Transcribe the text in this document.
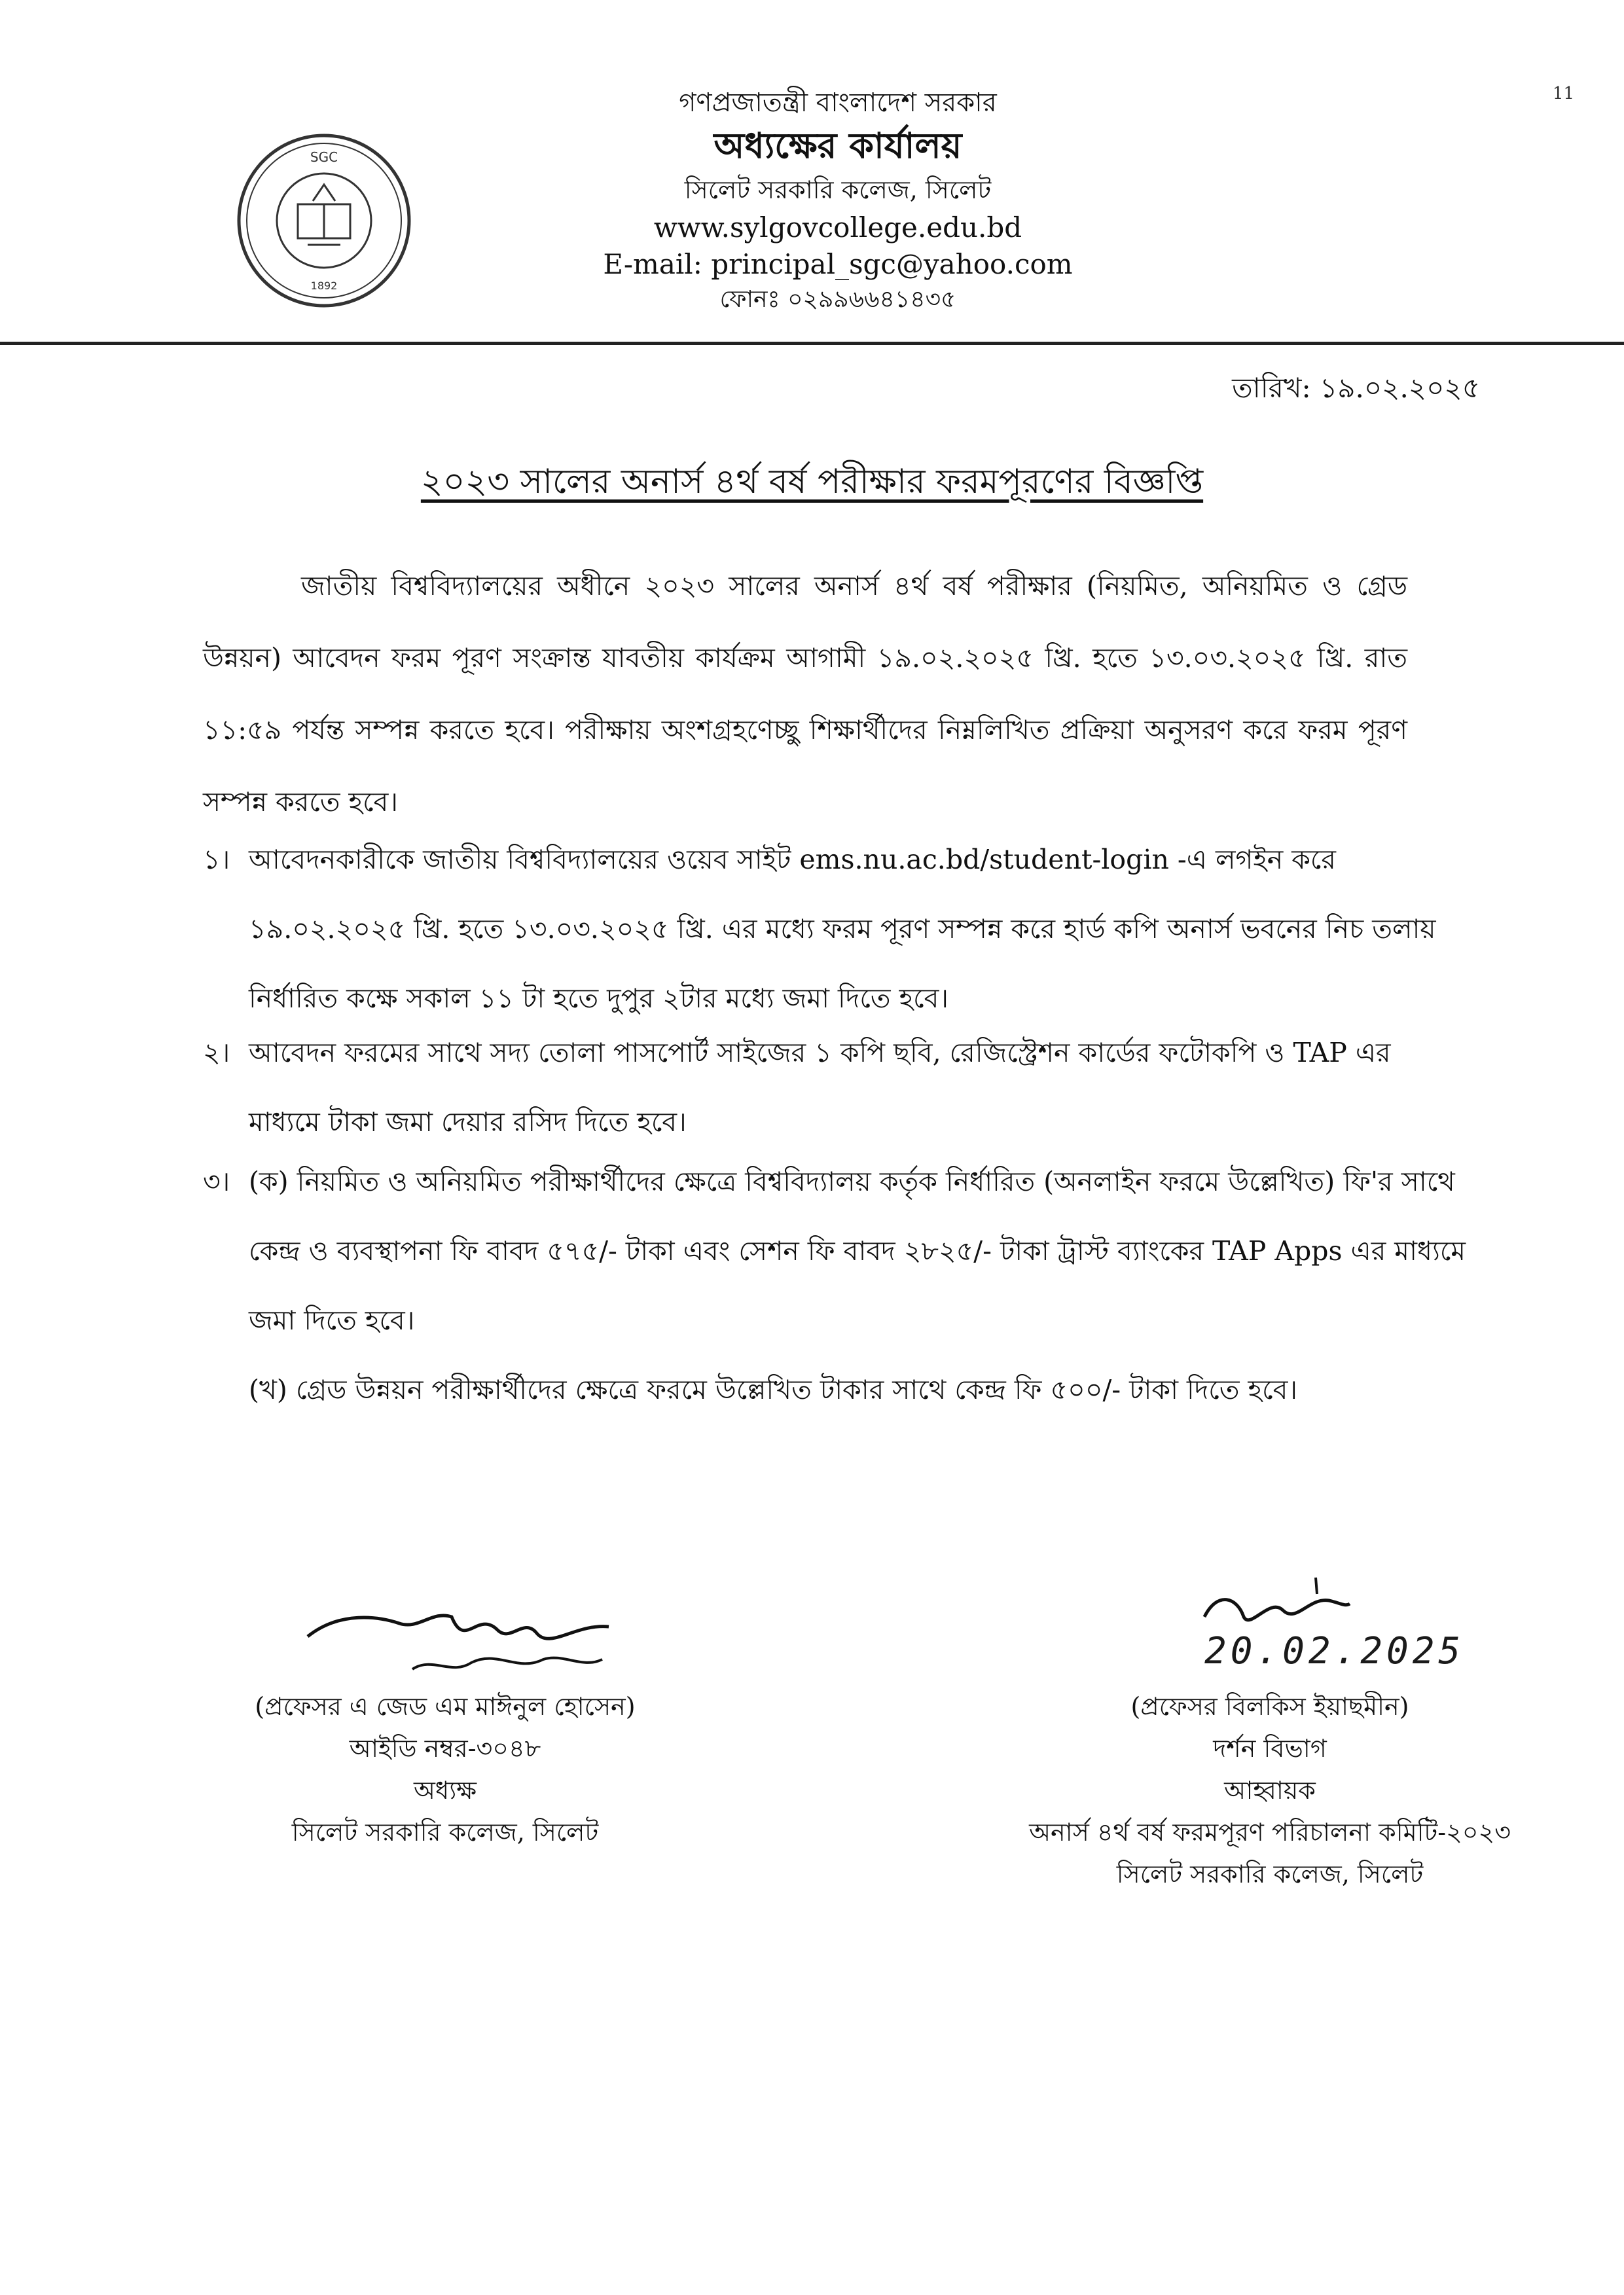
11
SGC
1892
গণপ্রজাতন্ত্রী বাংলাদেশ সরকার
অধ্যক্ষের কার্যালয়
সিলেট সরকারি কলেজ, সিলেট
www.sylgovcollege.edu.bd
E-mail: principal_sgc@yahoo.com
ফোনঃ ০২৯৯৬৬৪১৪৩৫
তারিখ: ১৯.০২.২০২৫
২০২৩ সালের অনার্স ৪র্থ বর্ষ পরীক্ষার ফরমপূরণের বিজ্ঞপ্তি
জাতীয় বিশ্ববিদ্যালয়ের অধীনে ২০২৩ সালের অনার্স ৪র্থ বর্ষ পরীক্ষার (নিয়মিত, অনিয়মিত ও গ্রেড উন্নয়ন) আবেদন ফরম পূরণ সংক্রান্ত যাবতীয় কার্যক্রম আগামী ১৯.০২.২০২৫ খ্রি. হতে ১৩.০৩.২০২৫ খ্রি. রাত ১১:৫৯ পর্যন্ত সম্পন্ন করতে হবে। পরীক্ষায় অংশগ্রহণেচ্ছু শিক্ষার্থীদের নিম্নলিখিত প্রক্রিয়া অনুসরণ করে ফরম পূরণ সম্পন্ন করতে হবে।
১। আবেদনকারীকে জাতীয় বিশ্ববিদ্যালয়ের ওয়েব সাইট ems.nu.ac.bd/student-login -এ লগইন করে ১৯.০২.২০২৫ খ্রি. হতে ১৩.০৩.২০২৫ খ্রি. এর মধ্যে ফরম পূরণ সম্পন্ন করে হার্ড কপি অনার্স ভবনের নিচ তলায় নির্ধারিত কক্ষে সকাল ১১ টা হতে দুপুর ২টার মধ্যে জমা দিতে হবে।
২। আবেদন ফরমের সাথে সদ্য তোলা পাসপোর্ট সাইজের ১ কপি ছবি, রেজিস্ট্রেশন কার্ডের ফটোকপি ও TAP এর মাধ্যমে টাকা জমা দেয়ার রসিদ দিতে হবে।
৩। (ক) নিয়মিত ও অনিয়মিত পরীক্ষার্থীদের ক্ষেত্রে বিশ্ববিদ্যালয় কর্তৃক নির্ধারিত (অনলাইন ফরমে উল্লেখিত) ফি'র সাথে কেন্দ্র ও ব্যবস্থাপনা ফি বাবদ ৫৭৫/- টাকা এবং সেশন ফি বাবদ ২৮২৫/- টাকা ট্রাস্ট ব্যাংকের TAP Apps এর মাধ্যমে জমা দিতে হবে।
(খ) গ্রেড উন্নয়ন পরীক্ষার্থীদের ক্ষেত্রে ফরমে উল্লেখিত টাকার সাথে কেন্দ্র ফি ৫০০/- টাকা দিতে হবে।
(প্রফেসর এ জেড এম মাঈনুল হোসেন)
আইডি নম্বর-৩০৪৮
অধ্যক্ষ
সিলেট সরকারি কলেজ, সিলেট
20.02.2025
(প্রফেসর বিলকিস ইয়াছমীন)
দর্শন বিভাগ
আহ্বায়ক
অনার্স ৪র্থ বর্ষ ফরমপূরণ পরিচালনা কমিটি-২০২৩
সিলেট সরকারি কলেজ, সিলেট
